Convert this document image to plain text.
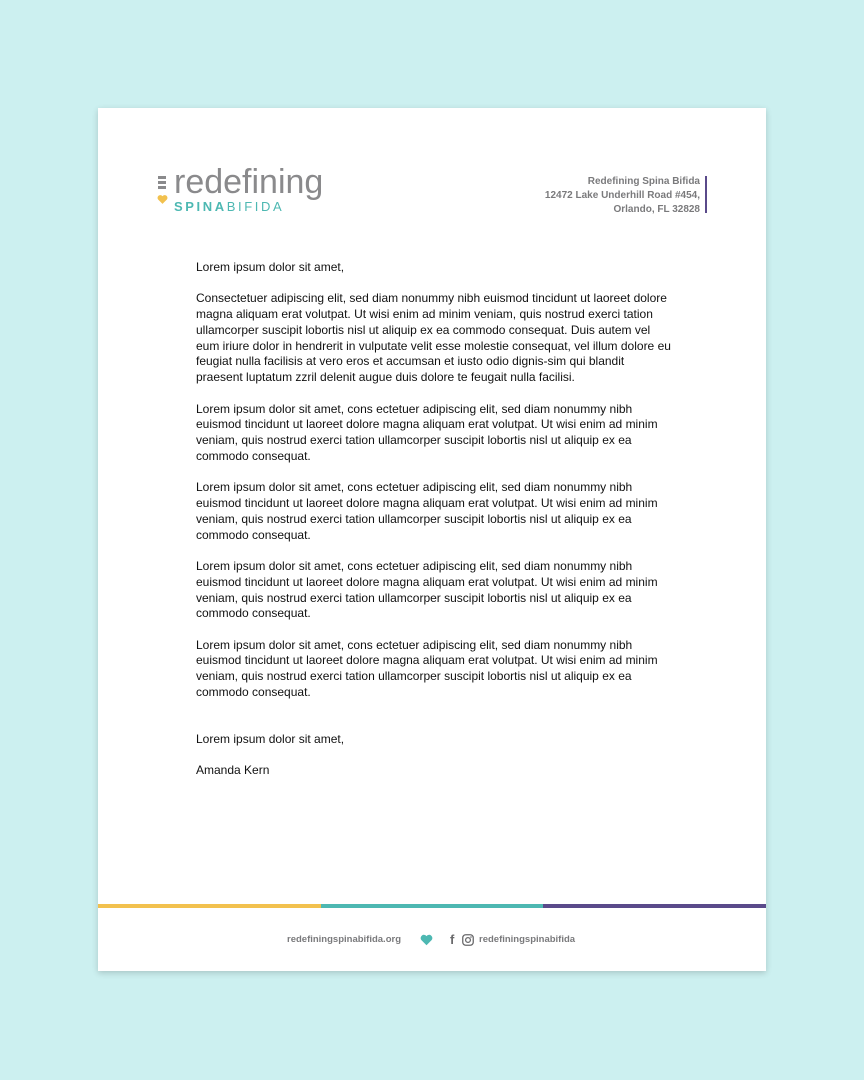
redefining
SPINABIFIDA
Redefining Spina Bifida
12472 Lake Underhill Road #454,
Orlando, FL 32828

Lorem ipsum dolor sit amet,

Consectetuer adipiscing elit, sed diam nonummy nibh euismod tincidunt ut laoreet dolore magna aliquam erat volutpat. Ut wisi enim ad minim veniam, quis nostrud exerci tation ullamcorper suscipit lobortis nisl ut aliquip ex ea commodo consequat. Duis autem vel eum iriure dolor in hendrerit in vulputate velit esse molestie consequat, vel illum dolore eu feugiat nulla facilisis at vero eros et accumsan et iusto odio dignis-sim qui blandit praesent luptatum zzril delenit augue duis dolore te feugait nulla facilisi.

Lorem ipsum dolor sit amet, cons ectetuer adipiscing elit, sed diam nonummy nibh euismod tincidunt ut laoreet dolore magna aliquam erat volutpat. Ut wisi enim ad minim veniam, quis nostrud exerci tation ullamcorper suscipit lobortis nisl ut aliquip ex ea commodo consequat.

Lorem ipsum dolor sit amet, cons ectetuer adipiscing elit, sed diam nonummy nibh euismod tincidunt ut laoreet dolore magna aliquam erat volutpat. Ut wisi enim ad minim veniam, quis nostrud exerci tation ullamcorper suscipit lobortis nisl ut aliquip ex ea commodo consequat.

Lorem ipsum dolor sit amet, cons ectetuer adipiscing elit, sed diam nonummy nibh euismod tincidunt ut laoreet dolore magna aliquam erat volutpat. Ut wisi enim ad minim veniam, quis nostrud exerci tation ullamcorper suscipit lobortis nisl ut aliquip ex ea commodo consequat.

Lorem ipsum dolor sit amet, cons ectetuer adipiscing elit, sed diam nonummy nibh euismod tincidunt ut laoreet dolore magna aliquam erat volutpat. Ut wisi enim ad minim veniam, quis nostrud exerci tation ullamcorper suscipit lobortis nisl ut aliquip ex ea commodo consequat.

Lorem ipsum dolor sit amet,

Amanda Kern

redefiningspinabifida.org	f	redefiningspinabifida
